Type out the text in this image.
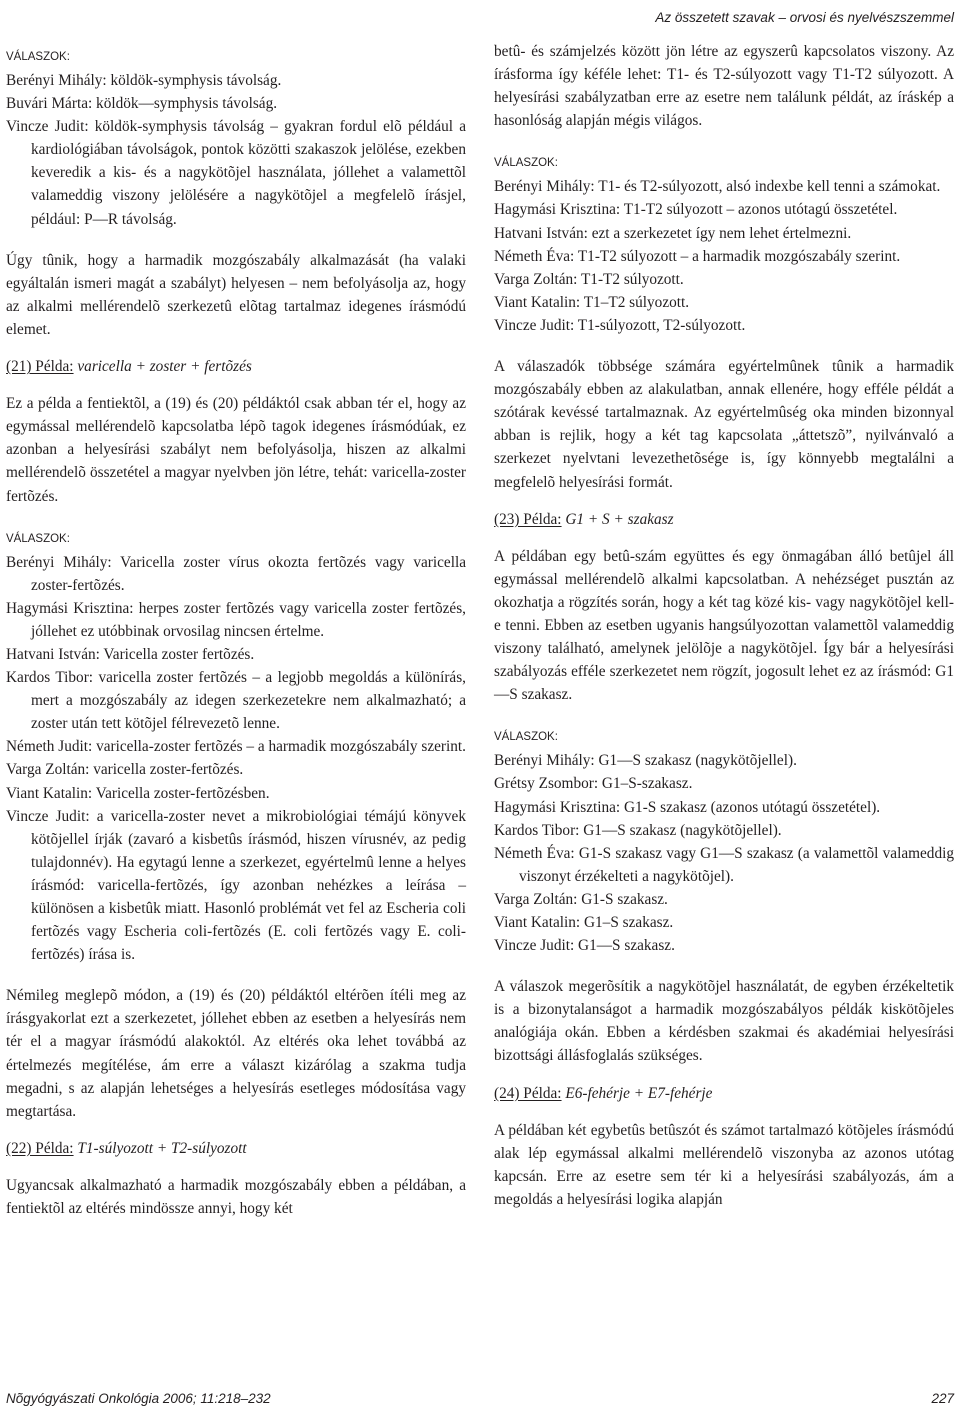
Az összetett szavak – orvosi és nyelvészszemmel
VÁLASZOK:

Berényi Mihály: köldök-symphysis távolság.

Buvári Márta: köldök—symphysis távolság.

Vincze Judit: köldök-symphysis távolság – gyakran fordul elõ például a kardiológiában távolságok, pontok közötti szakaszok jelölése, ezekben keveredik a kis- és a nagykötõjel használata, jóllehet a valamettõl valameddig viszony jelölésére a nagykötõjel a megfelelõ írásjel, például: P—R távolság.

Úgy tûnik, hogy a harmadik mozgószabály alkalmazását (ha valaki egyáltalán ismeri magát a szabályt) helyesen – nem befolyásolja az, hogy az alkalmi mellérendelõ szerkezetû elõtag tartalmaz idegenes írásmódú elemet.

(21) Példa: varicella + zoster + fertõzés

Ez a példa a fentiektõl, a (19) és (20) példáktól csak abban tér el, hogy az egymással mellérendelõ kapcsolatba lépõ tagok idegenes írásmódúak, ez azonban a helyesírási szabályt nem befolyásolja, hiszen az alkalmi mellérendelõ összetétel a magyar nyelvben jön létre, tehát: varicella-zoster fertõzés.

VÁLASZOK:

Berényi Mihály: Varicella zoster vírus okozta fertõzés vagy varicella zoster-fertõzés.

Hagymási Krisztina: herpes zoster fertõzés vagy varicella zoster fertõzés, jóllehet ez utóbbinak orvosilag nincsen értelme.

Hatvani István: Varicella zoster fertõzés.

Kardos Tibor: varicella zoster fertõzés – a legjobb megoldás a különírás, mert a mozgószabály az idegen szerkezetekre nem alkalmazható; a zoster után tett kötõjel félrevezetõ lenne.

Németh Judit: varicella-zoster fertõzés – a harmadik mozgószabály szerint.

Varga Zoltán: varicella zoster-fertõzés.

Viant Katalin: Varicella zoster-fertõzésben.

Vincze Judit: a varicella-zoster nevet a mikrobiológiai témájú könyvek kötõjellel írják (zavaró a kisbetûs írásmód, hiszen vírusnév, az pedig tulajdonnév). Ha egytagú lenne a szerkezet, egyértelmû lenne a helyes írásmód: varicella-fertõzés, így azonban nehézkes a leírása – különösen a kisbetûk miatt. Hasonló problémát vet fel az Escheria coli fertõzés vagy Escheria coli-fertõzés (E. coli fertõzés vagy E. coli-fertõzés) írása is.

Némileg meglepõ módon, a (19) és (20) példáktól eltérõen ítéli meg az írásgyakorlat ezt a szerkezetet, jóllehet ebben az esetben a helyesírás nem tér el a magyar írásmódú alakoktól. Az eltérés oka lehet továbbá az értelmezés megítélése, ám erre a választ kizárólag a szakma tudja megadni, s az alapján lehetséges a helyesírás esetleges módosítása vagy megtartása.

(22) Példa: T1-súlyozott + T2-súlyozott

Ugyancsak alkalmazható a harmadik mozgószabály ebben a példában, a fentiektõl az eltérés mindössze annyi, hogy két

betû- és számjelzés között jön létre az egyszerû kapcsolatos viszony. Az írásforma így kéféle lehet: T1- és T2-súlyozott vagy T1-T2 súlyozott. A helyesírási szabályzatban erre az esetre nem találunk példát, az íráskép a hasonlóság alapján mégis világos.

VÁLASZOK:

Berényi Mihály: T1- és T2-súlyozott, alsó indexbe kell tenni a számokat.

Hagymási Krisztina: T1-T2 súlyozott – azonos utótagú összetétel.

Hatvani István: ezt a szerkezetet így nem lehet értelmezni.

Németh Éva: T1-T2 súlyozott – a harmadik mozgószabály szerint.

Varga Zoltán: T1-T2 súlyozott.

Viant Katalin: T1–T2 súlyozott.

Vincze Judit: T1-súlyozott, T2-súlyozott.

A válaszadók többsége számára egyértelmûnek tûnik a harmadik mozgószabály ebben az alakulatban, annak ellenére, hogy efféle példát a szótárak kevéssé tartalmaznak. Az egyértelmûség oka minden bizonnyal abban is rejlik, hogy a két tag kapcsolata „áttetszõ”, nyilvánvaló a szerkezet nyelvtani levezethetõsége is, így könnyebb megtalálni a megfelelõ helyesírási formát.

(23) Példa: G1 + S + szakasz

A példában egy betû-szám együttes és egy önmagában álló betûjel áll egymással mellérendelõ alkalmi kapcsolatban. A nehézséget pusztán az okozhatja a rögzítés során, hogy a két tag közé kis- vagy nagykötõjel kell-e tenni. Ebben az esetben ugyanis hangsúlyozottan valamettõl valameddig viszony található, amelynek jelölõje a nagykötõjel. Így bár a helyesírási szabályozás efféle szerkezetet nem rögzít, jogosult lehet ez az írásmód: G1—S szakasz.

VÁLASZOK:

Berényi Mihály: G1—S szakasz (nagykötõjellel).

Grétsy Zsombor: G1–S-szakasz.

Hagymási Krisztina: G1-S szakasz (azonos utótagú összetétel).

Kardos Tibor: G1—S szakasz (nagykötõjellel).

Németh Éva: G1-S szakasz vagy G1—S szakasz (a valamettõl valameddig viszonyt érzékelteti a nagykötõjel).

Varga Zoltán: G1-S szakasz.

Viant Katalin: G1–S szakasz.

Vincze Judit: G1—S szakasz.

A válaszok megerõsítik a nagykötõjel használatát, de egyben érzékeltetik is a bizonytalanságot a harmadik mozgószabályos példák kiskötõjeles analógiája okán. Ebben a kérdésben szakmai és akadémiai helyesírási bizottsági állásfoglalás szükséges.

(24) Példa: E6-fehérje + E7-fehérje

A példában két egybetûs betûszót és számot tartalmazó kötõjeles írásmódú alak lép egymással alkalmi mellérendelõ viszonyba az azonos utótag kapcsán. Erre az esetre sem tér ki a helyesírási szabályozás, ám a megoldás a helyesírási logika alapján

Nõgyógyászati Onkológia 2006; 11:218–232	227
